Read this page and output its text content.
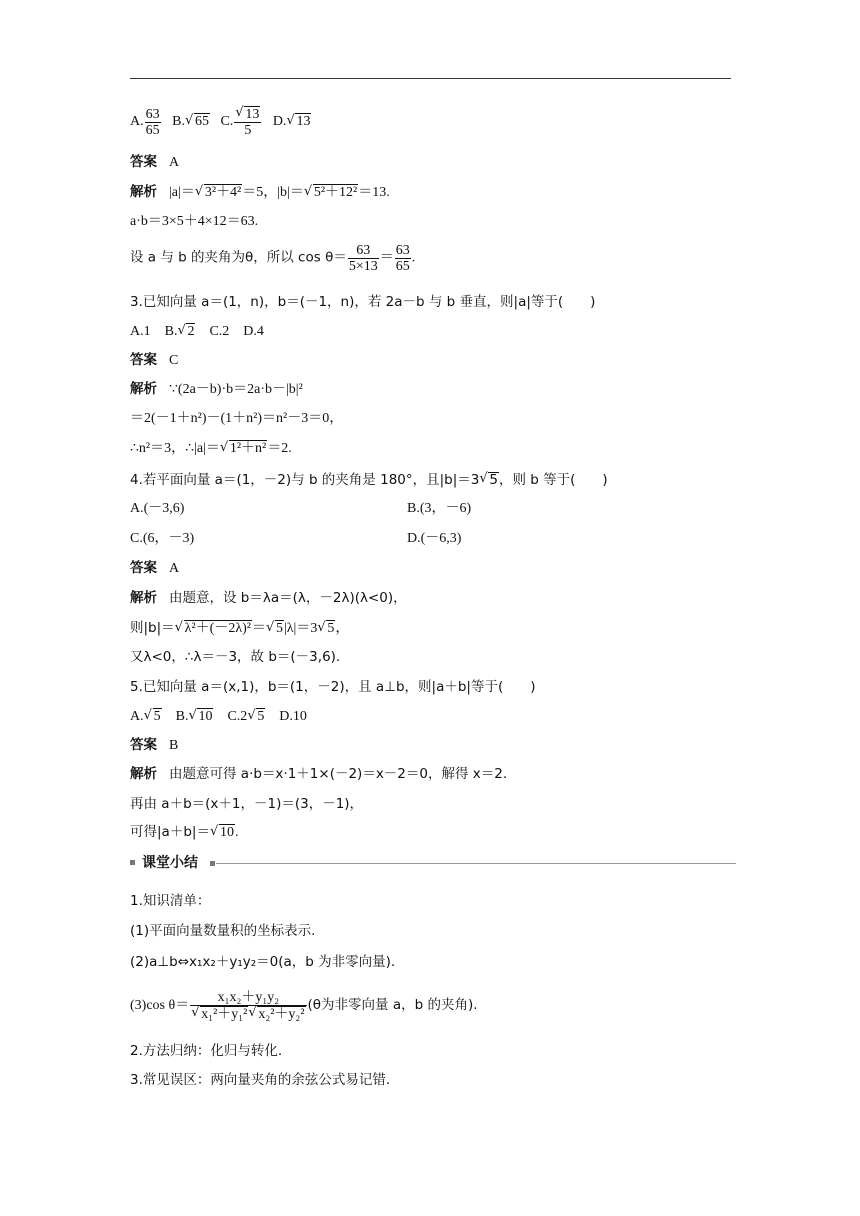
A. $\frac{63}{65} B.√$ 65 C.
√ $\frac{13}{5} D.√$ 13
答案 A
解析 |a|＝√ 3²＋4²＝5，|b|＝√ 5²＋12²＝13.
a·b＝3×5＋4×12＝63.
设 a 与 b 的夹角为θ，所以 $\cos \theta= \frac{63}{5\times 13} = \frac{63}{65}$ .
3.已知向量 a＝(1，n)，b＝(－1，n)，若 2a－b 与 b 垂直，则|a|等于(　　)
A.1　B.√ 2　C.2　D.4
答案 C
解析 ∵(2a－b)·b＝2a·b－|b|²
＝2(－1＋n²)－(1＋n²)＝n²－3＝0，
∴n²＝3，∴|a|＝√ 1²＋n²＝2.
4.若平面向量 a＝(1，－2)与 b 的夹角是 180°，且|b|＝3√ 5，则 b 等于(　　)
A.(－3,6)	B.(3，－6)
C.(6，－3)	D.(－6,3)
答案 A
解析 由题意，设 b＝λa＝(λ，－2λ)(λ<0)，
则|b|＝√ λ²＋(－2λ)²＝√ 5|λ|＝3√ 5，
又λ<0，∴λ＝－3，故 b＝(－3,6).
5.已知向量 a＝(x,1)，b＝(1，－2)，且 a⊥b，则|a＋b|等于(　　)
A.√ 5　B.√ 10　C.2√ 5　D.10
答案 B
解析 由题意可得 a·b＝x·1＋1×(－2)＝x－2＝0，解得 x＝2.
再由 a＋b＝(x＋1，－1)＝(3，－1)，
可得|a＋b|＝√ 10.
课堂小结
1.知识清单：
(1)平面向量数量积的坐标表示.
(2)a⊥b⇔x₁x₂＋y₁y₂＝0(a，b 为非零向量).
(3)cos θ＝ x₁x₂＋y₁y₂
√ x₁²＋y₁²√ x₂²＋y₂² (θ为非零向量 a，b 的夹角).
2.方法归纳：化归与转化.
3.常见误区：两向量夹角的余弦公式易记错.
